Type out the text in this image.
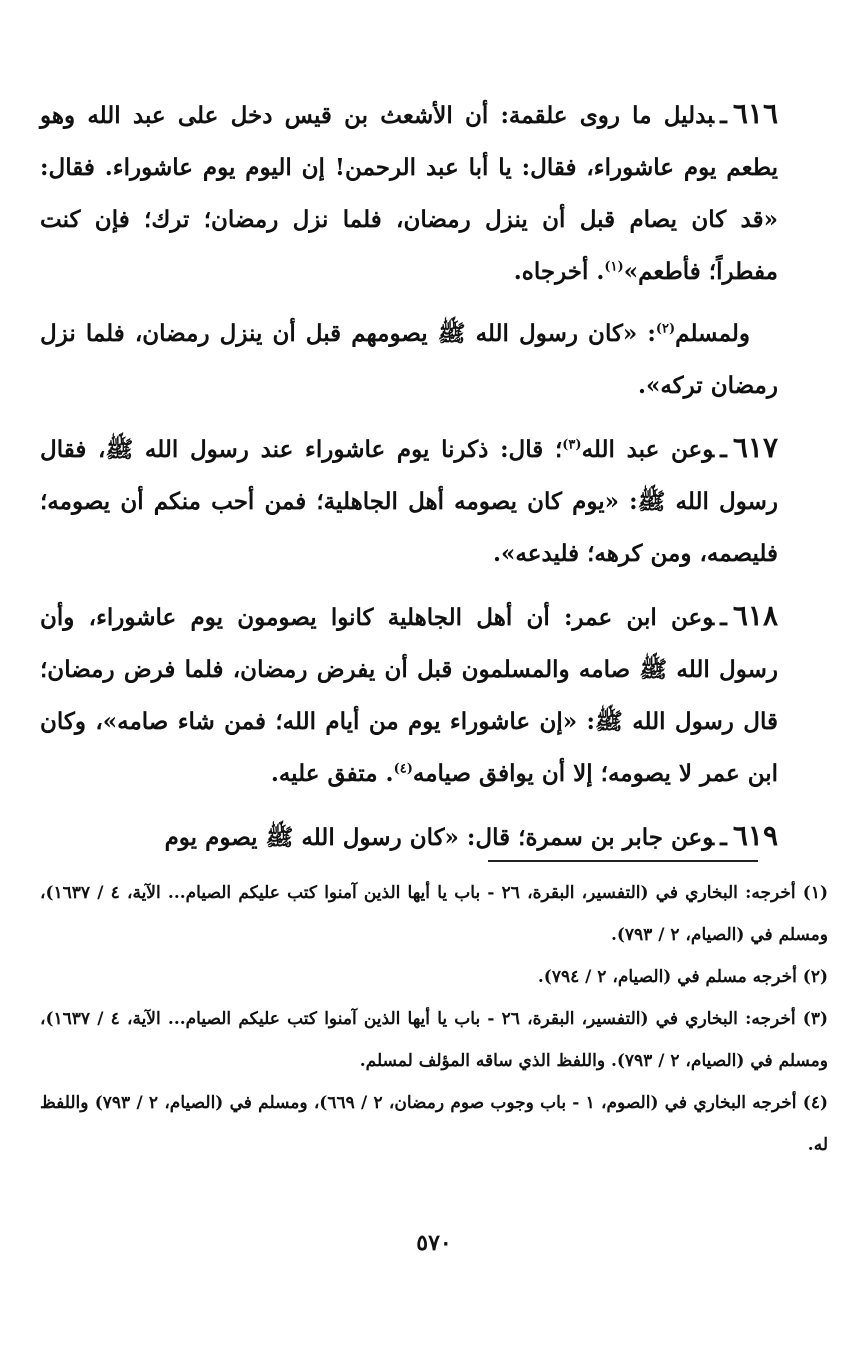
٦١٦ـبدليل ما روى علقمة: أن الأشعث بن قيس دخل على عبد الله وهو يطعم يوم عاشوراء، فقال: يا أبا عبد الرحمن! إن اليوم يوم عاشوراء. فقال: «قد كان يصام قبل أن ينزل رمضان، فلما نزل رمضان؛ ترك؛ فإن كنت مفطراً؛ فأطعم»$^{(١)}$. أخرجاه.

ولمسلم$^{(٢)}$: «كان رسول الله ﷺ يصومهم قبل أن ينزل رمضان، فلما نزل رمضان تركه».

٦١٧ـوعن عبد الله$^{(٣)}$؛ قال: ذكرنا يوم عاشوراء عند رسول الله ﷺ، فقال رسول الله ﷺ: «يوم كان يصومه أهل الجاهلية؛ فمن أحب منكم أن يصومه؛ فليصمه، ومن كرهه؛ فليدعه».

٦١٨ـوعن ابن عمر: أن أهل الجاهلية كانوا يصومون يوم عاشوراء، وأن رسول الله ﷺ صامه والمسلمون قبل أن يفرض رمضان، فلما فرض رمضان؛ قال رسول الله ﷺ: «إن عاشوراء يوم من أيام الله؛ فمن شاء صامه»، وكان ابن عمر لا يصومه؛ إلا أن يوافق صيامه$^{(٤)}$. متفق عليه.

٦١٩ـوعن جابر بن سمرة؛ قال: «كان رسول الله ﷺ يصوم يوم

(١) أخرجه: البخاري في (التفسير، البقرة، ٢٦ - باب يا أيها الذين آمنوا كتب عليكم الصيام... الآية، ٤ / ١٦٣٧)، ومسلم في (الصيام، ٢ / ٧٩٣).

(٢) أخرجه مسلم في (الصيام، ٢ / ٧٩٤).

(٣) أخرجه: البخاري في (التفسير، البقرة، ٢٦ - باب يا أيها الذين آمنوا كتب عليكم الصيام... الآية، ٤ / ١٦٣٧)، ومسلم في (الصيام، ٢ / ٧٩٣). واللفظ الذي ساقه المؤلف لمسلم.

(٤) أخرجه البخاري في (الصوم، ١ - باب وجوب صوم رمضان، ٢ / ٦٦٩)، ومسلم في (الصيام، ٢ / ٧٩٣) واللفظ له.

٥٧٠
